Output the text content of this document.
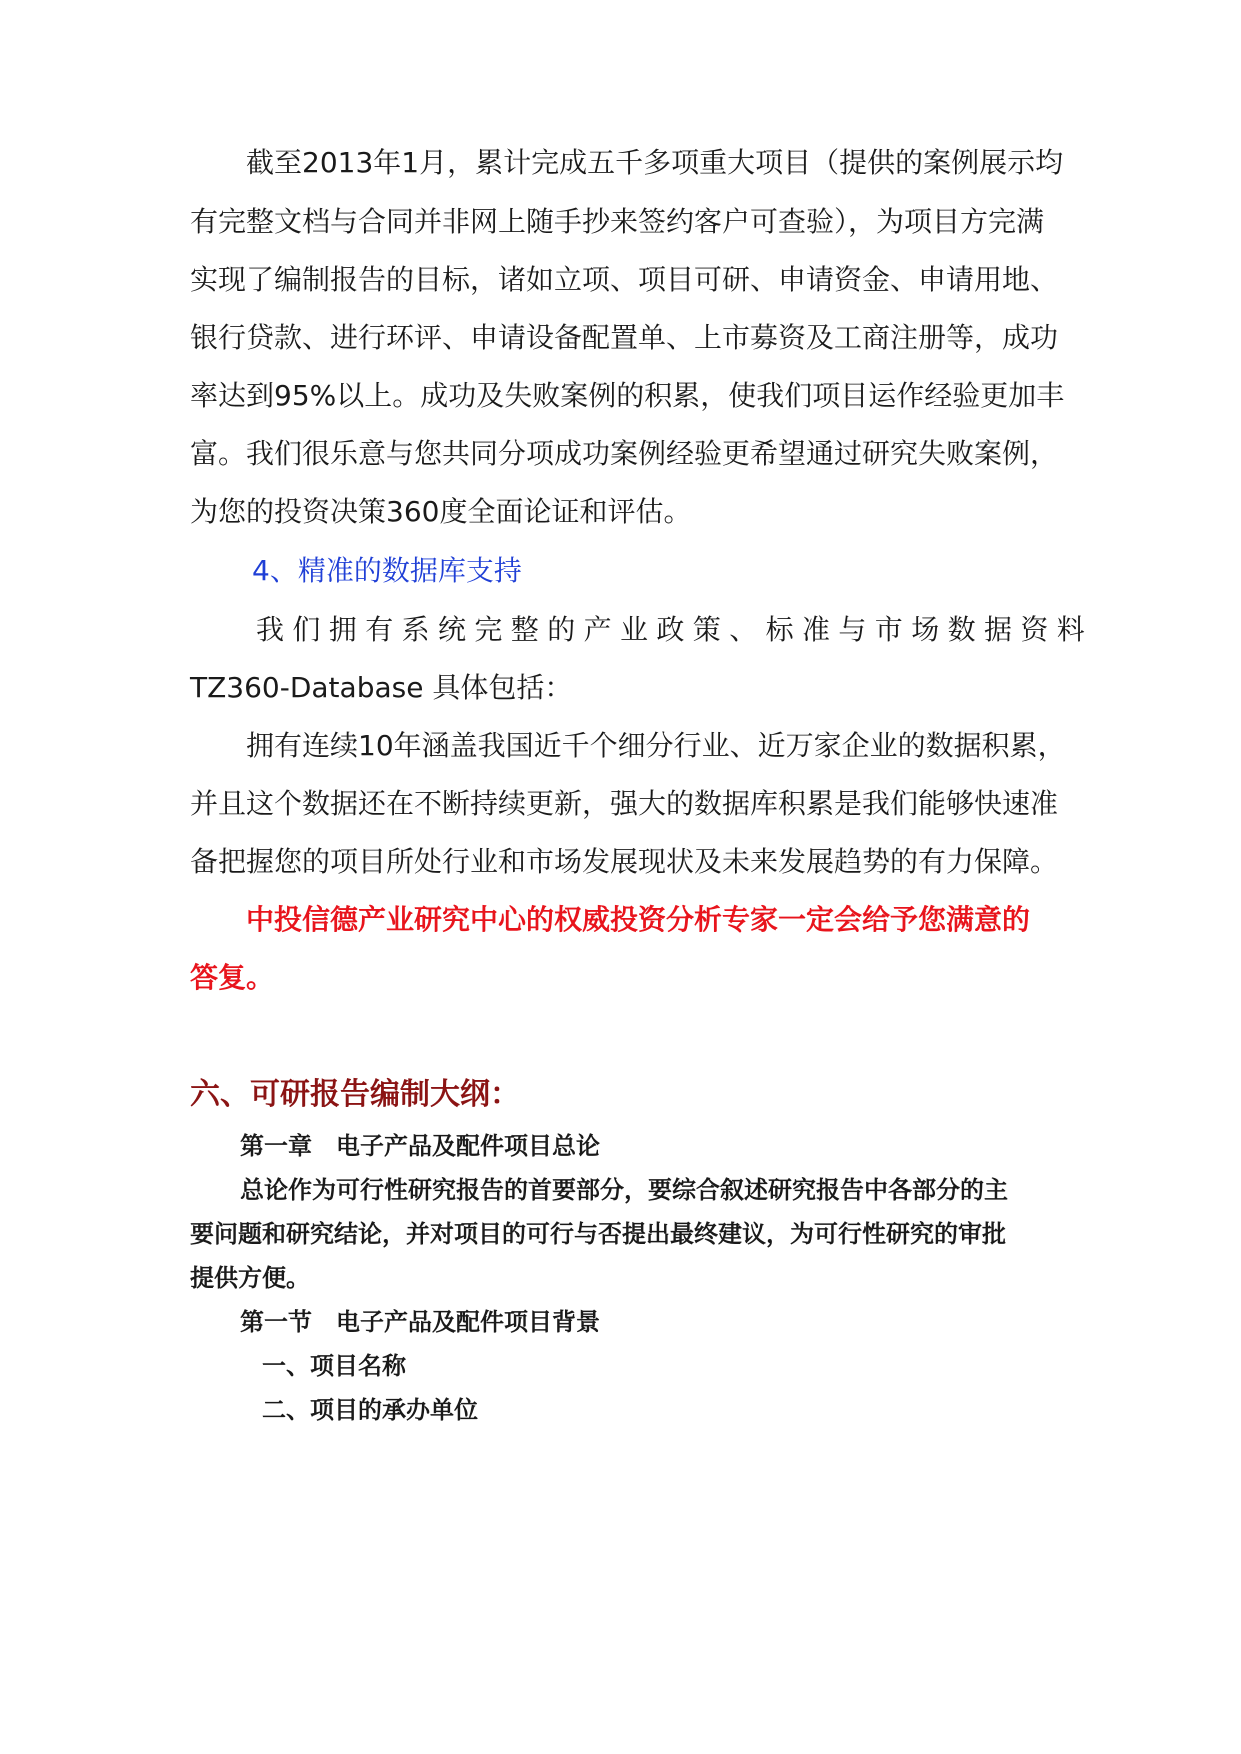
截至2013年1月，累计完成五千多项重大项目（提供的案例展示均
有完整文档与合同并非网上随手抄来签约客户可查验），为项目方完满
实现了编制报告的目标，诸如立项、项目可研、申请资金、申请用地、
银行贷款、进行环评、申请设备配置单、上市募资及工商注册等，成功
率达到95%以上。成功及失败案例的积累，使我们项目运作经验更加丰
富。我们很乐意与您共同分项成功案例经验更希望通过研究失败案例，
为您的投资决策360度全面论证和评估。
4、精准的数据库支持
我们拥有系统完整的产业政策、标准与市场数据资料
TZ360-Database 具体包括：
拥有连续10年涵盖我国近千个细分行业、近万家企业的数据积累，
并且这个数据还在不断持续更新，强大的数据库积累是我们能够快速准
备把握您的项目所处行业和市场发展现状及未来发展趋势的有力保障。
中投信德产业研究中心的权威投资分析专家一定会给予您满意的
答复。
六、可研报告编制大纲：
第一章　电子产品及配件项目总论
总论作为可行性研究报告的首要部分，要综合叙述研究报告中各部分的主
要问题和研究结论，并对项目的可行与否提出最终建议，为可行性研究的审批
提供方便。
第一节　电子产品及配件项目背景
一、项目名称
二、项目的承办单位
